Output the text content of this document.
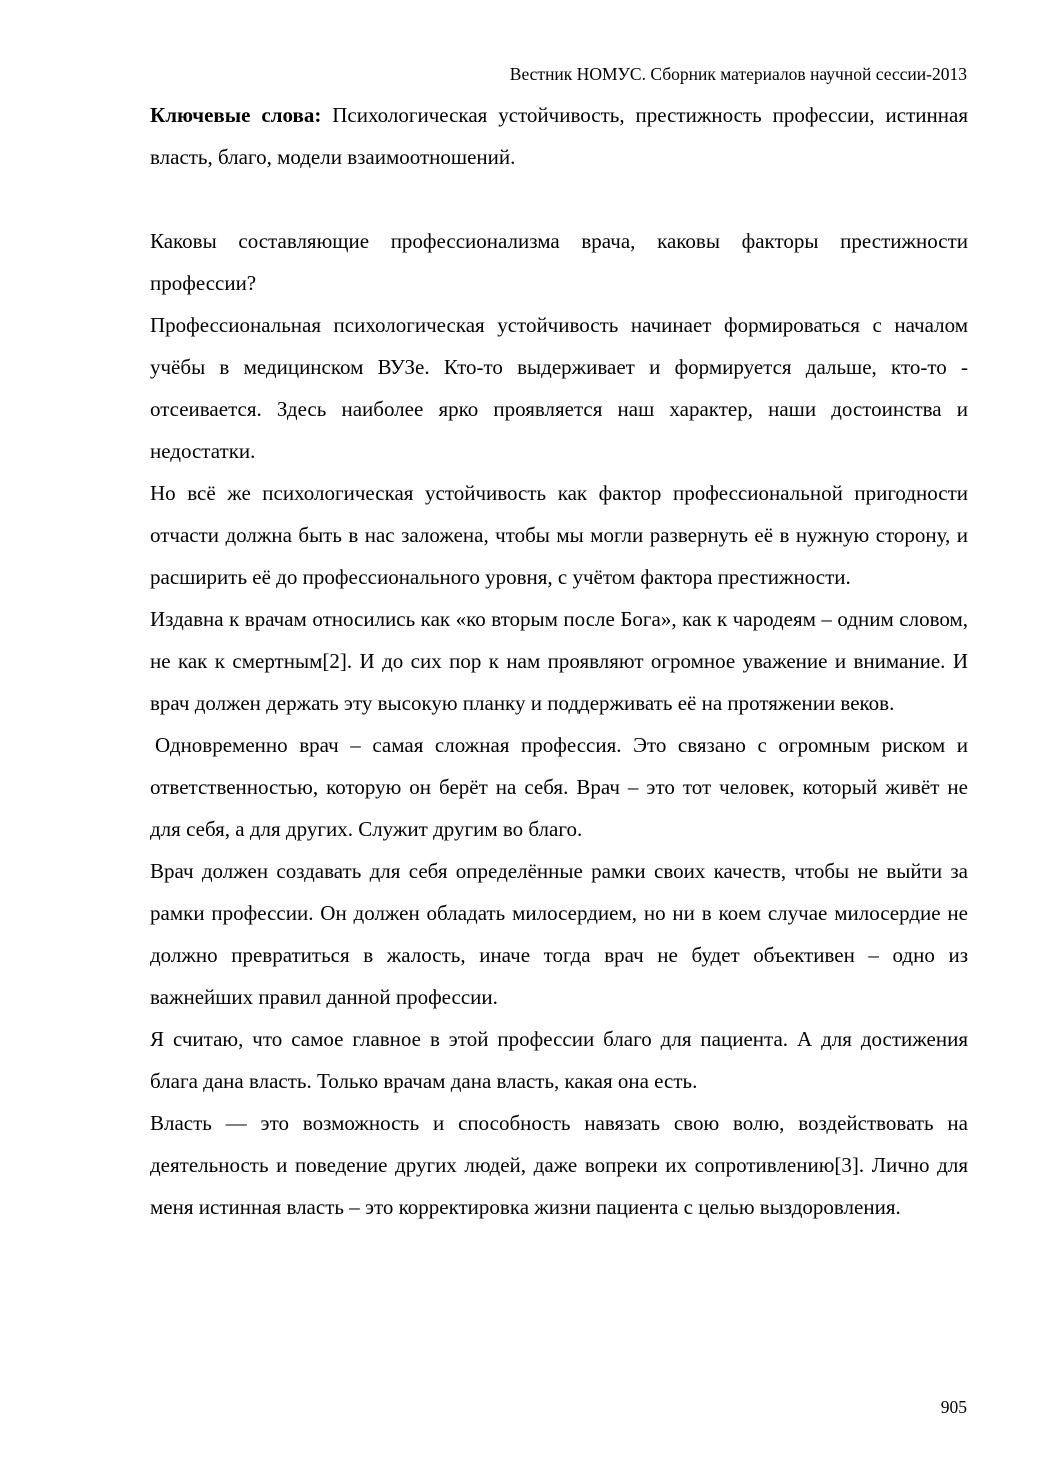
Вестник НОМУС. Сборник материалов научной сессии-2013

Ключевые слова: Психологическая устойчивость, престижность профессии, истинная власть, благо, модели взаимоотношений.

Каковы составляющие профессионализма врача, каковы факторы престижности профессии?

Профессиональная психологическая устойчивость начинает формироваться с началом учёбы в медицинском ВУЗе. Кто-то выдерживает и формируется дальше, кто-то - отсеивается. Здесь наиболее ярко проявляется наш характер, наши достоинства и недостатки.

Но всё же психологическая устойчивость как фактор профессиональной пригодности отчасти должна быть в нас заложена, чтобы мы могли развернуть её в нужную сторону, и расширить её до профессионального уровня, с учётом фактора престижности.

Издавна к врачам относились как «ко вторым после Бога», как к чародеям – одним словом, не как к смертным[2]. И до сих пор к нам проявляют огромное уважение и внимание. И врач должен держать эту высокую планку и поддерживать её на протяжении веков.

Одновременно врач – самая сложная профессия. Это связано с огромным риском и ответственностью, которую он берёт на себя. Врач – это тот человек, который живёт не для себя, а для других. Служит другим во благо.

Врач должен создавать для себя определённые рамки своих качеств, чтобы не выйти за рамки профессии. Он должен обладать милосердием, но ни в коем случае милосердие не должно превратиться в жалость, иначе тогда врач не будет объективен – одно из важнейших правил данной профессии.

Я считаю, что самое главное в этой профессии благо для пациента. А для достижения блага дана власть. Только врачам дана власть, какая она есть.

Власть — это возможность и способность навязать свою волю, воздействовать на деятельность и поведение других людей, даже вопреки их сопротивлению[3]. Лично для меня истинная власть – это корректировка жизни пациента с целью выздоровления.

905
